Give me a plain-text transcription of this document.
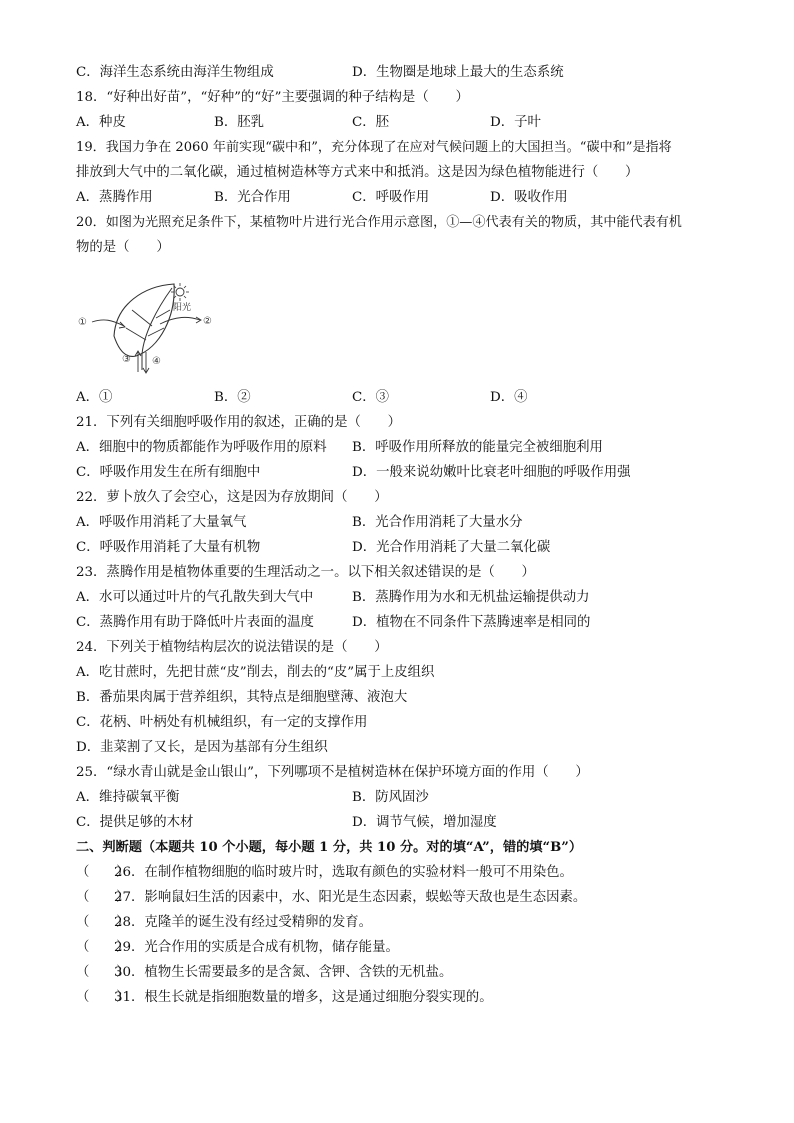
C．海洋生态系统由海洋生物组成	D．生物圈是地球上最大的生态系统
18．“好种出好苗”，“好种”的“好”主要强调的种子结构是（　　）
A．种皮	B．胚乳	C．胚	D．子叶
19．我国力争在 2060 年前实现“碳中和”，充分体现了在应对气候问题上的大国担当。“碳中和”是指将
排放到大气中的二氧化碳，通过植树造林等方式来中和抵消。这是因为绿色植物能进行（　　）
A．蒸腾作用	B．光合作用	C．呼吸作用	D．吸收作用
20．如图为光照充足条件下，某植物叶片进行光合作用示意图，①—④代表有关的物质，其中能代表有机
物的是（　　）
阳光
①	②
③ ④
A．①	B．②	C．③	D．④
21．下列有关细胞呼吸作用的叙述，正确的是（　　）
A．细胞中的物质都能作为呼吸作用的原料 B．呼吸作用所释放的能量完全被细胞利用
C．呼吸作用发生在所有细胞中	D．一般来说幼嫩叶比衰老叶细胞的呼吸作用强
22．萝卜放久了会空心，这是因为存放期间（　　）
A．呼吸作用消耗了大量氧气	B．光合作用消耗了大量水分
C．呼吸作用消耗了大量有机物	D．光合作用消耗了大量二氧化碳
23．蒸腾作用是植物体重要的生理活动之一。以下相关叙述错误的是（　　）
A．水可以通过叶片的气孔散失到大气中	B．蒸腾作用为水和无机盐运输提供动力
C．蒸腾作用有助于降低叶片表面的温度	D．植物在不同条件下蒸腾速率是相同的
24．下列关于植物结构层次的说法错误的是（　　）
A．吃甘蔗时，先把甘蔗“皮”削去，削去的“皮”属于上皮组织
B．番茄果肉属于营养组织，其特点是细胞壁薄、液泡大
C．花柄、叶柄处有机械组织，有一定的支撑作用
D．韭菜割了又长，是因为基部有分生组织
25．“绿水青山就是金山银山”，下列哪项不是植树造林在保护环境方面的作用（　　）
A．维持碳氧平衡	B．防风固沙
C．提供足够的木材	D．调节气候，增加湿度
二、判断题（本题共 10 个小题，每小题 1 分，共 10 分。对的填“A”，错的填“B”）
（　　）26．在制作植物细胞的临时玻片时，选取有颜色的实验材料一般可不用染色。
（　　）27．影响鼠妇生活的因素中，水、阳光是生态因素，蜈蚣等天敌也是生态因素。
（　　）28．克隆羊的诞生没有经过受精卵的发育。
（　　）29．光合作用的实质是合成有机物，储存能量。
（　　）30．植物生长需要最多的是含氮、含钾、含铁的无机盐。
（　　）31．根生长就是指细胞数量的增多，这是通过细胞分裂实现的。
